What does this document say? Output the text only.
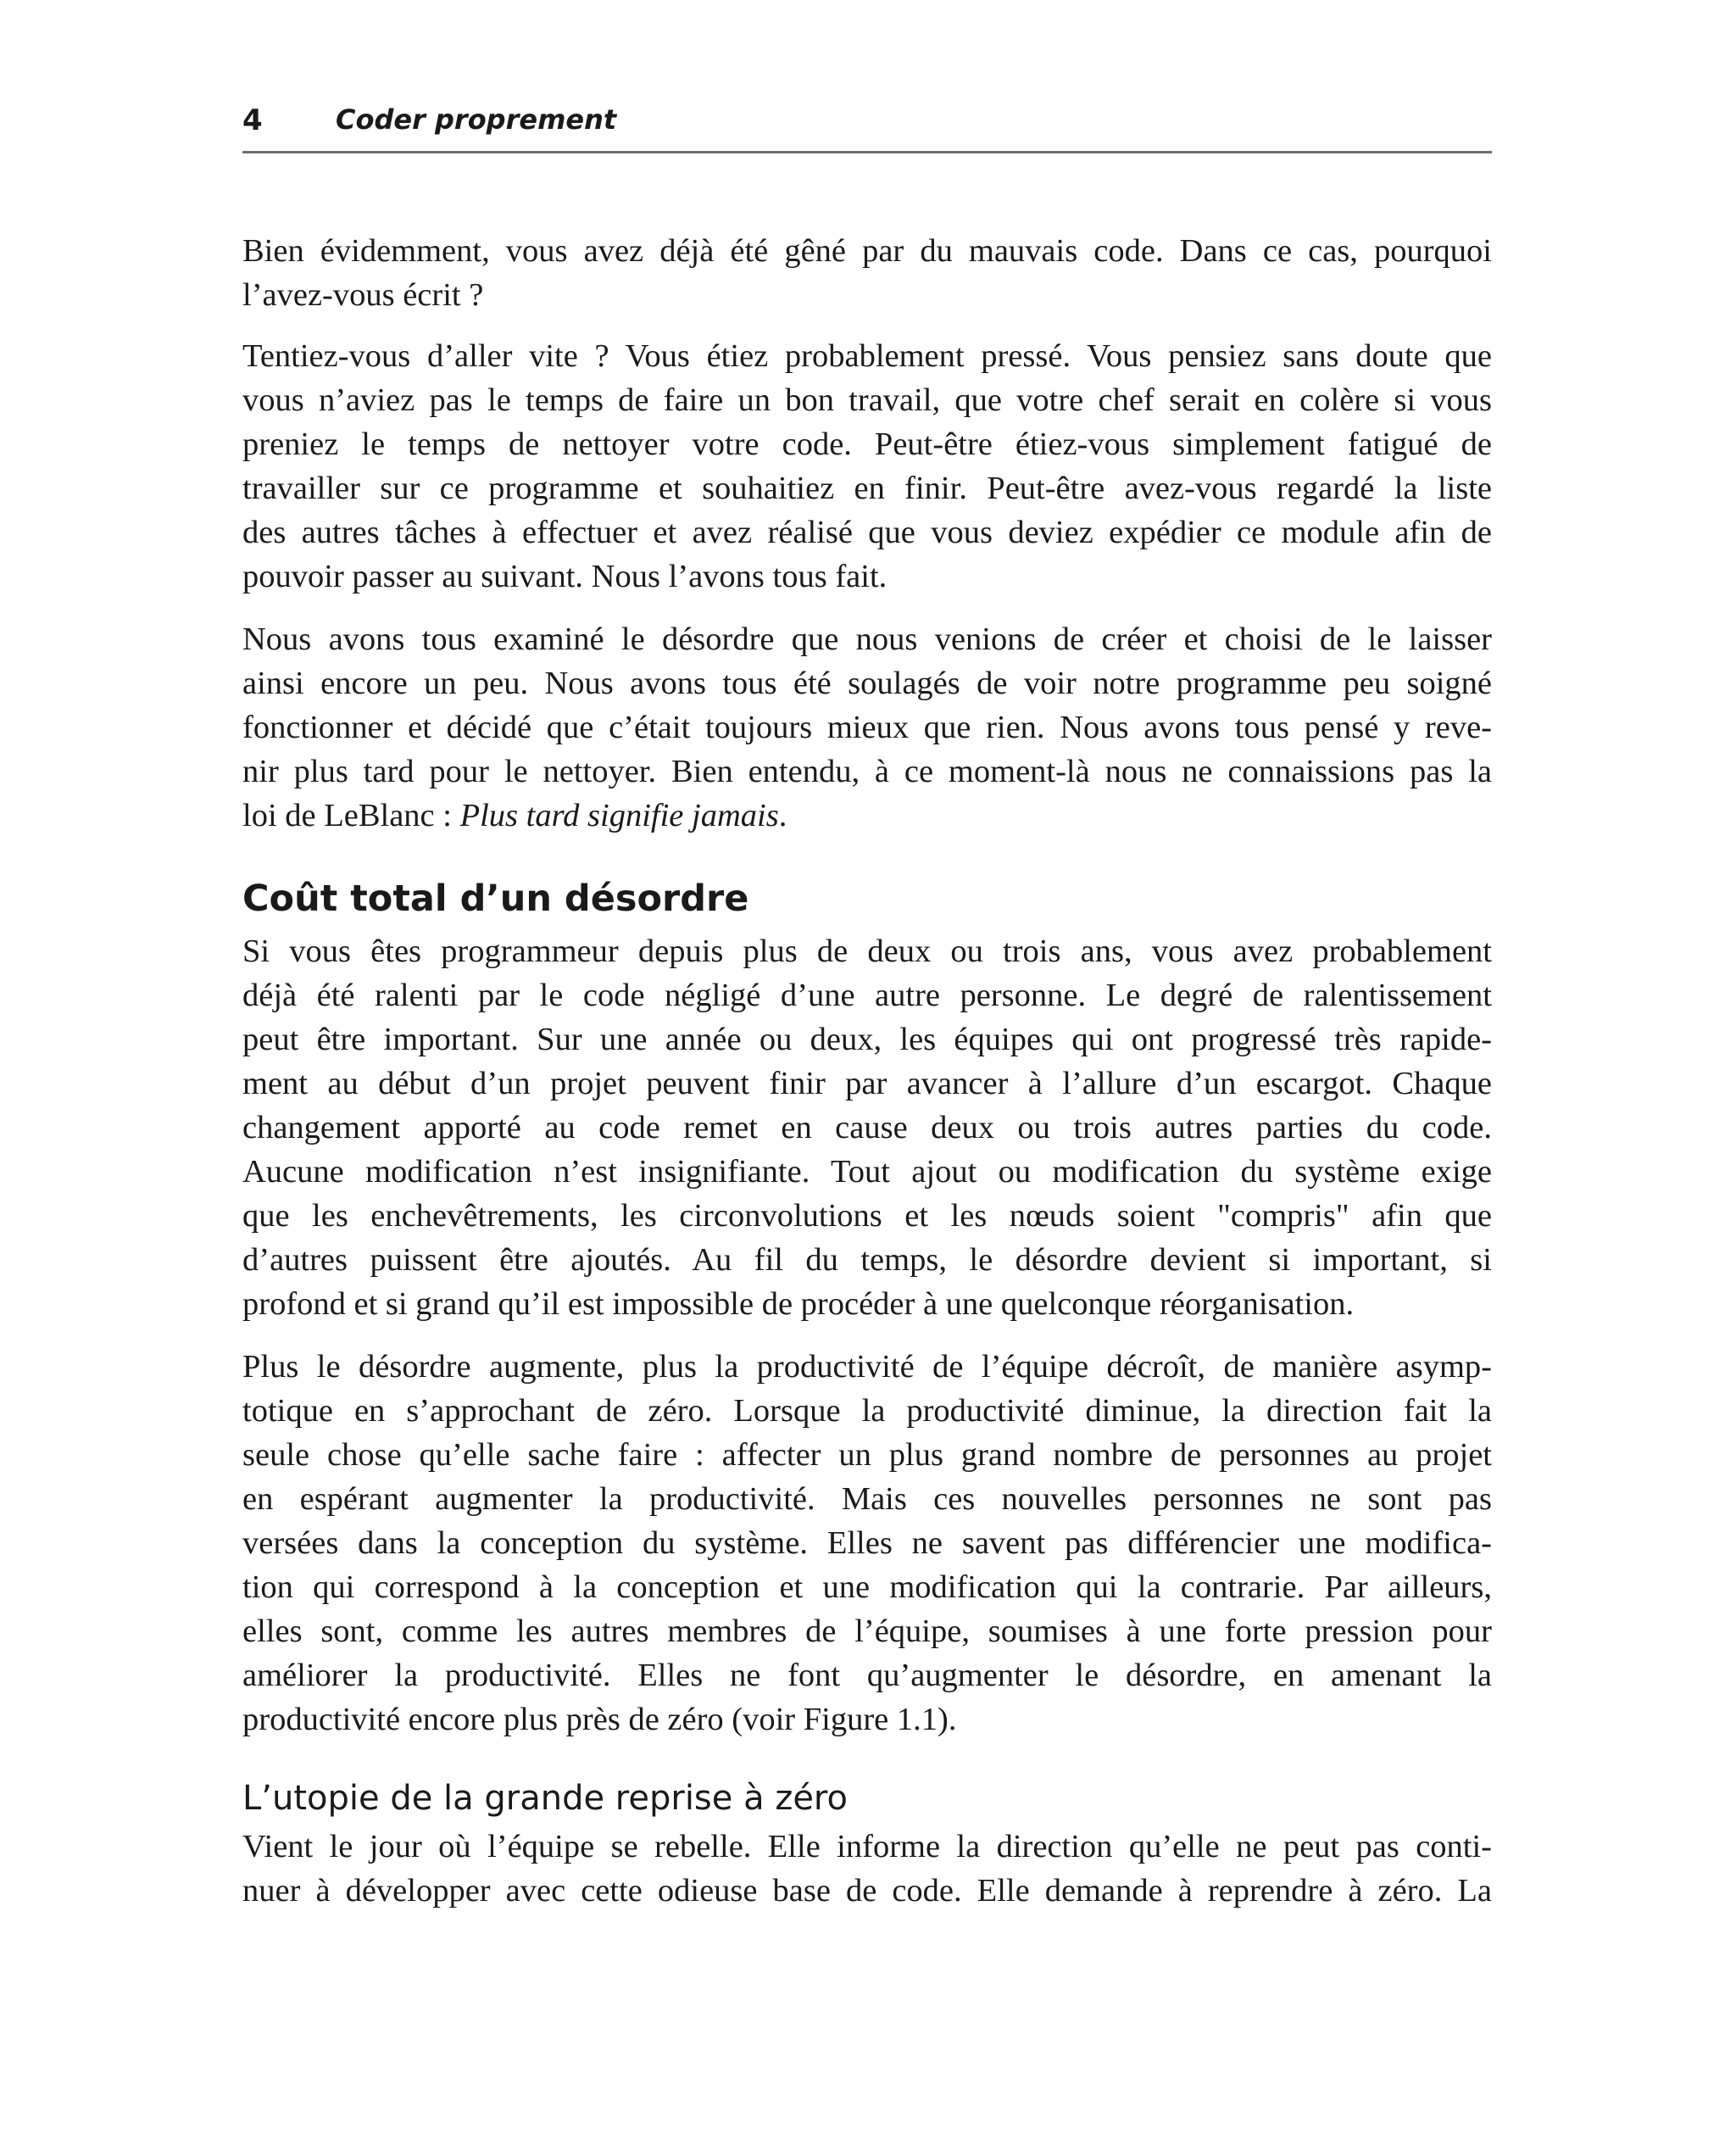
4	Coder proprement

Bien évidemment, vous avez déjà été gêné par du mauvais code. Dans ce cas, pourquoi
l’avez-vous écrit ?

Tentiez-vous d’aller vite ? Vous étiez probablement pressé. Vous pensiez sans doute que
vous n’aviez pas le temps de faire un bon travail, que votre chef serait en colère si vous
preniez le temps de nettoyer votre code. Peut-être étiez-vous simplement fatigué de
travailler sur ce programme et souhaitiez en finir. Peut-être avez-vous regardé la liste
des autres tâches à effectuer et avez réalisé que vous deviez expédier ce module afin de
pouvoir passer au suivant. Nous l’avons tous fait.

Nous avons tous examiné le désordre que nous venions de créer et choisi de le laisser
ainsi encore un peu. Nous avons tous été soulagés de voir notre programme peu soigné
fonctionner et décidé que c’était toujours mieux que rien. Nous avons tous pensé y reve-
nir plus tard pour le nettoyer. Bien entendu, à ce moment-là nous ne connaissions pas la
loi de LeBlanc : Plus tard signifie jamais.

Coût total d’un désordre

Si vous êtes programmeur depuis plus de deux ou trois ans, vous avez probablement
déjà été ralenti par le code négligé d’une autre personne. Le degré de ralentissement
peut être important. Sur une année ou deux, les équipes qui ont progressé très rapide-
ment au début d’un projet peuvent finir par avancer à l’allure d’un escargot. Chaque
changement apporté au code remet en cause deux ou trois autres parties du code.
Aucune modification n’est insignifiante. Tout ajout ou modification du système exige
que les enchevêtrements, les circonvolutions et les nœuds soient "compris" afin que
d’autres puissent être ajoutés. Au fil du temps, le désordre devient si important, si
profond et si grand qu’il est impossible de procéder à une quelconque réorganisation.

Plus le désordre augmente, plus la productivité de l’équipe décroît, de manière asymp-
totique en s’approchant de zéro. Lorsque la productivité diminue, la direction fait la
seule chose qu’elle sache faire : affecter un plus grand nombre de personnes au projet
en espérant augmenter la productivité. Mais ces nouvelles personnes ne sont pas
versées dans la conception du système. Elles ne savent pas différencier une modifica-
tion qui correspond à la conception et une modification qui la contrarie. Par ailleurs,
elles sont, comme les autres membres de l’équipe, soumises à une forte pression pour
améliorer la productivité. Elles ne font qu’augmenter le désordre, en amenant la
productivité encore plus près de zéro (voir Figure 1.1).

L’utopie de la grande reprise à zéro

Vient le jour où l’équipe se rebelle. Elle informe la direction qu’elle ne peut pas conti-
nuer à développer avec cette odieuse base de code. Elle demande à reprendre à zéro. La
